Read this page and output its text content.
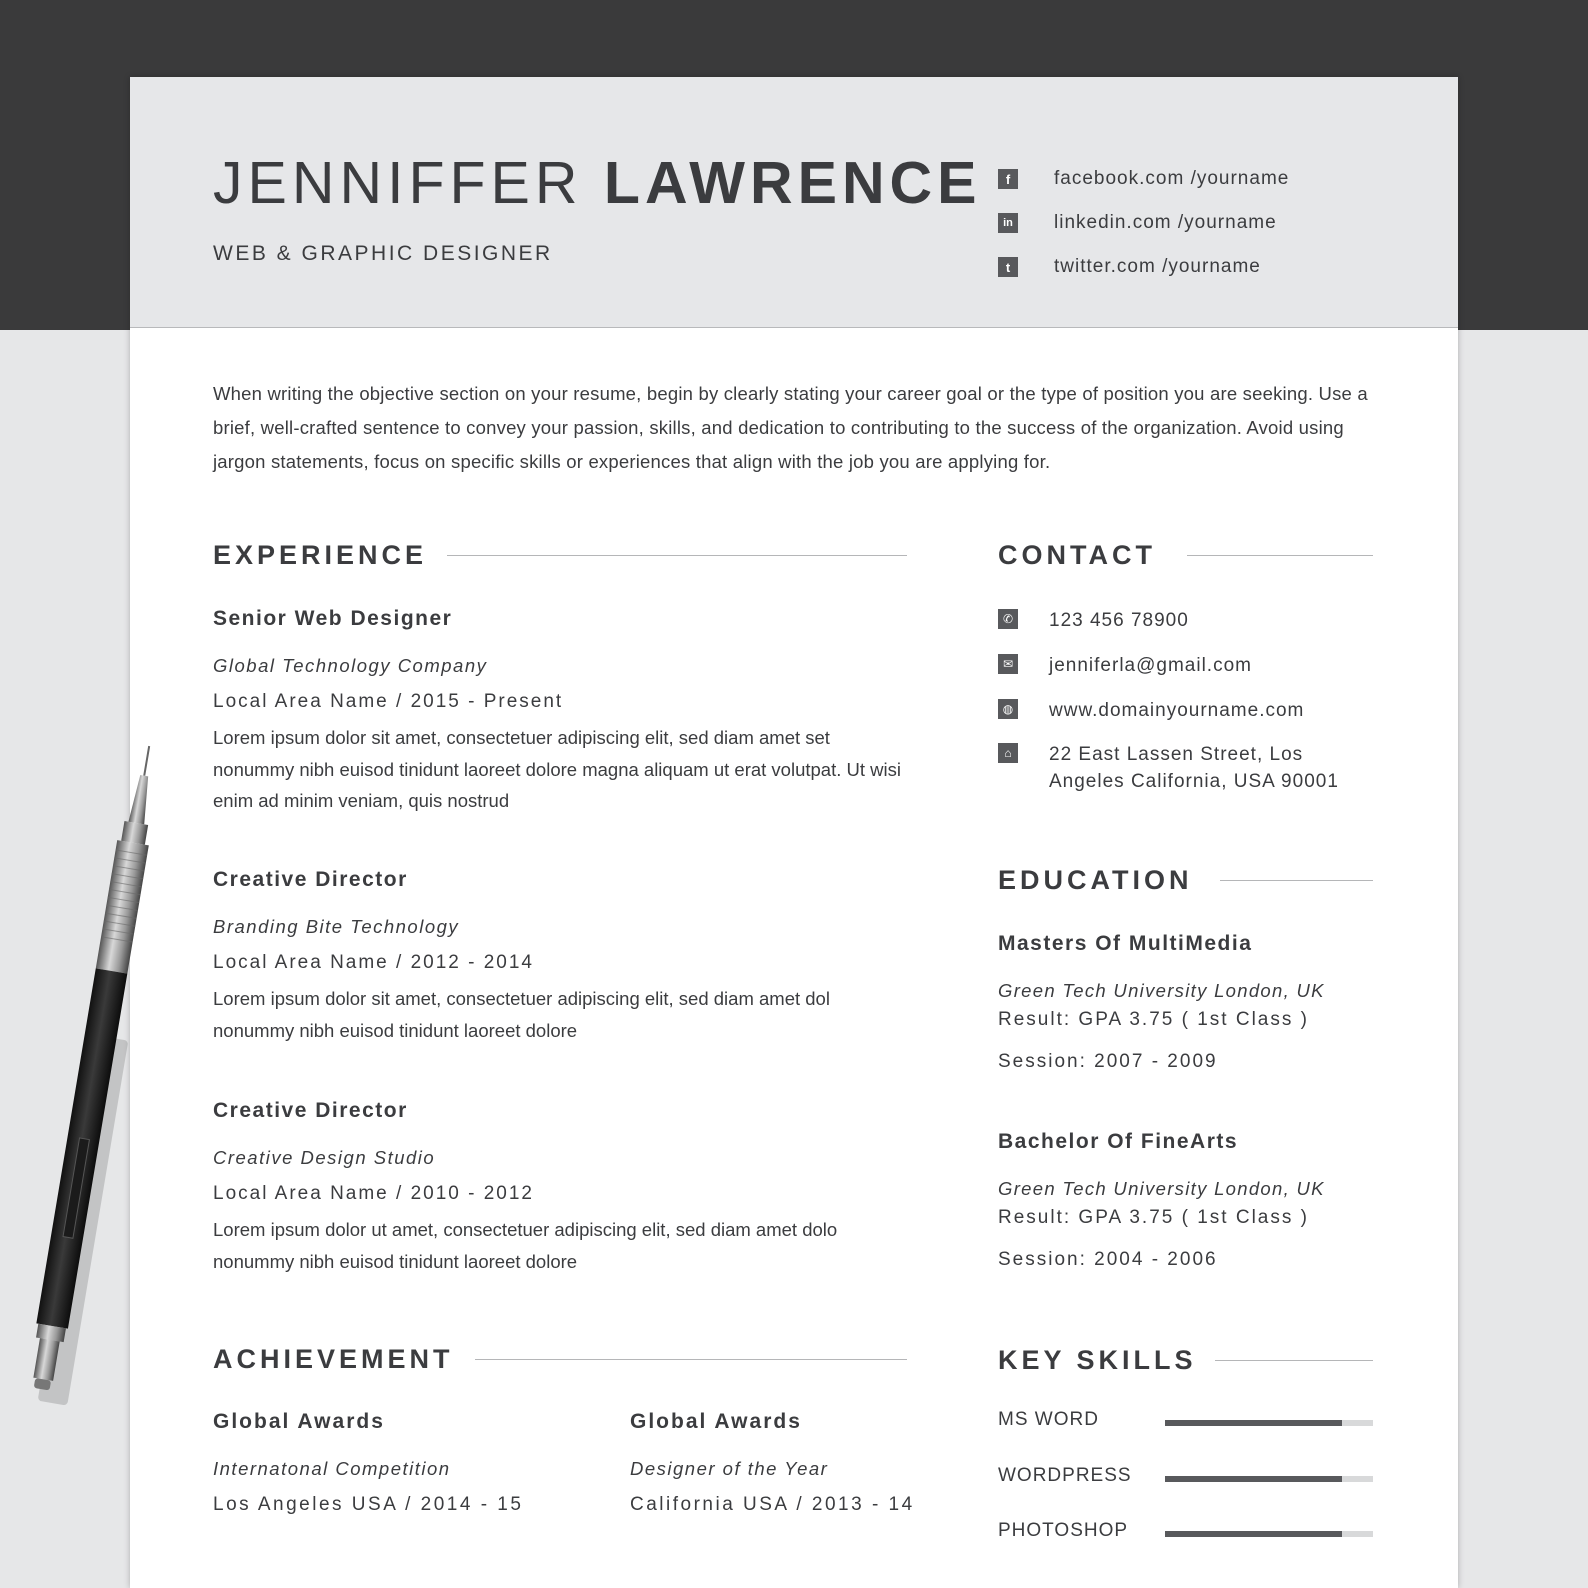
JENNIFFER LAWRENCE
WEB & GRAPHIC DESIGNER
f	facebook.com /yourname
in linkedin.com /yourname
t	twitter.com /yourname

When writing the objective section on your resume, begin by clearly stating your career goal or the type of position you are seeking. Use a brief, well-crafted sentence to convey your passion, skills, and dedication to contributing to the success of the organization. Avoid using jargon statements, focus on specific skills or experiences that align with the job you are applying for.

EXPERIENCE
Senior Web Designer
Global Technology Company
Local Area Name / 2015 - Present

Lorem ipsum dolor sit amet, consectetuer adipiscing elit, sed diam amet set nonummy nibh euisod tinidunt laoreet dolore magna aliquam ut erat volutpat. Ut wisi enim ad minim veniam, quis nostrud

Creative Director
Branding Bite Technology
Local Area Name / 2012 - 2014

Lorem ipsum dolor sit amet, consectetuer adipiscing elit, sed diam amet dol nonummy nibh euisod tinidunt laoreet dolore

Creative Director
Creative Design Studio
Local Area Name / 2010 - 2012

Lorem ipsum dolor ut amet, consectetuer adipiscing elit, sed diam amet dolo nonummy nibh euisod tinidunt laoreet dolore

ACHIEVEMENT
Global Awards
Internatonal Competition
Los Angeles USA / 2014 - 15
Global Awards
Designer of the Year
California USA / 2013 - 14
CONTACT
✆ 123 456 78900
✉ jenniferla@gmail.com
◍ www.domainyourname.com
⌂	22 East Lassen Street, Los Angeles California, USA 90001
EDUCATION
Masters Of MultiMedia
Green Tech University London, UK
Result: GPA 3.75 ( 1st Class )
Session: 2007 - 2009
Bachelor Of FineArts
Green Tech University London, UK
Result: GPA 3.75 ( 1st Class )
Session: 2004 - 2006
KEY SKILLS
MS WORD
WORDPRESS
PHOTOSHOP
